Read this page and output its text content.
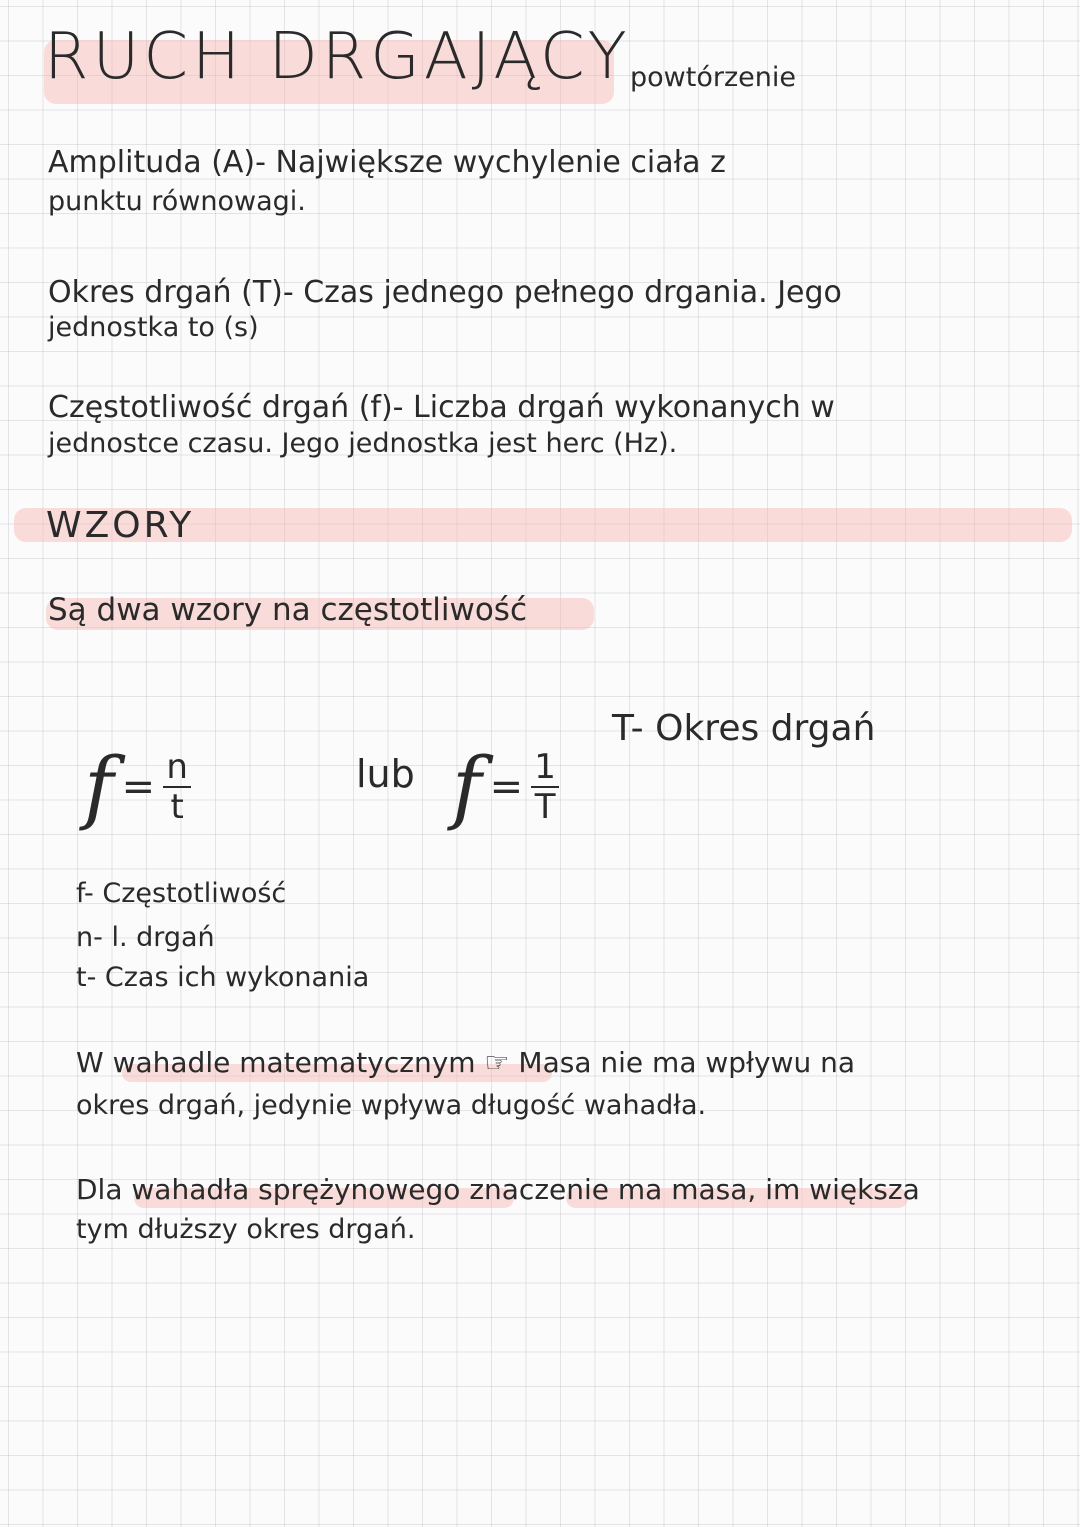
RUCH DRGAJĄCY powtórzenie
Amplituda (A)- Największe wychylenie ciała z
punktu równowagi.
Okres drgań (T)- Czas jednego pełnego drgania. Jego
jednostka to (s)
Częstotliwość drgań (f)- Liczba drgań wykonanych w
jednostce czasu. Jego jednostka jest herc (Hz).
WZORY
Są dwa wzory na częstotliwość
$f = \frac{n}{t}$	lub $f = \frac{1}{T}$
T- Okres drgań
f- Częstotliwość
n- l. drgań
t- Czas ich wykonania
W wahadle matematycznym ☞ Masa nie ma wpływu na
okres drgań, jedynie wpływa długość wahadła.
Dla wahadła sprężynowego znaczenie ma masa, im większa
tym dłuższy okres drgań.
